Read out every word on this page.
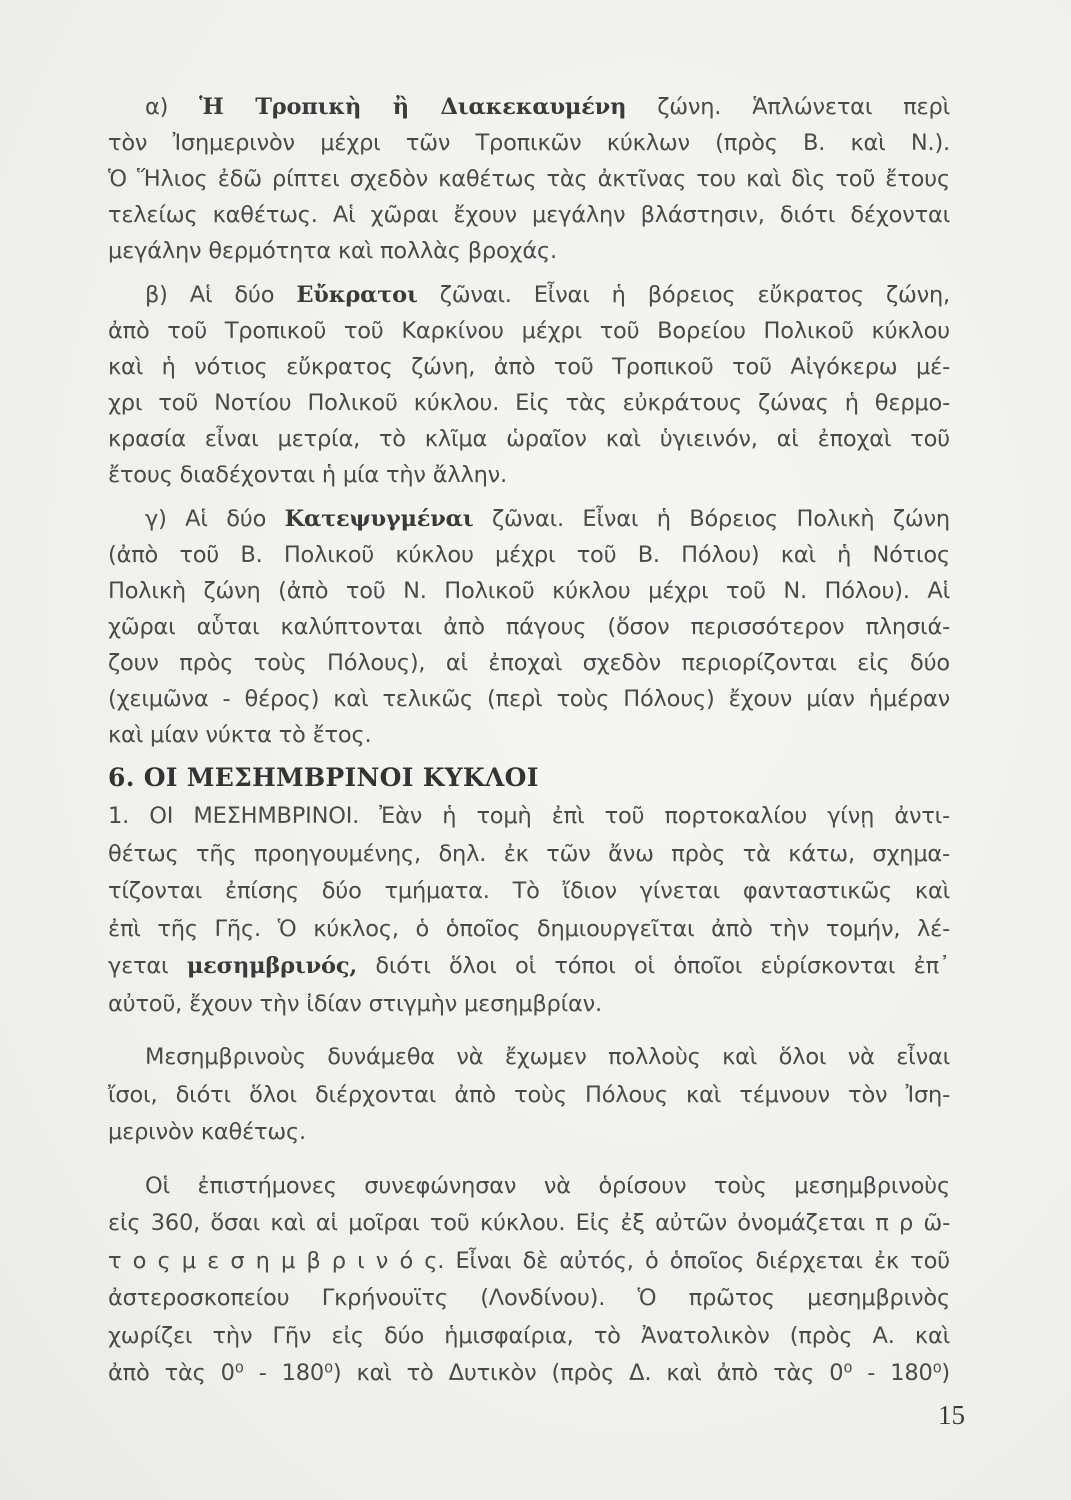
α) Ἡ Τροπικὴ ἢ Διακεκαυμένη ζώνη. Ἁπλώνεται περὶ
τὸν Ἰσημερινὸν μέχρι τῶν Τροπικῶν κύκλων (πρὸς Β. καὶ Ν.).
Ὁ Ἥλιος ἐδῶ ρίπτει σχεδὸν καθέτως τὰς ἀκτῖνας του καὶ δὶς τοῦ ἔτους
τελείως καθέτως. Αἱ χῶραι ἔχουν μεγάλην βλάστησιν, διότι δέχονται
μεγάλην θερμότητα καὶ πολλὰς βροχάς.
β) Αἱ δύο Εὔκρατοι ζῶναι. Εἶναι ἡ βόρειος εὔκρατος ζώνη,
ἀπὸ τοῦ Τροπικοῦ τοῦ Καρκίνου μέχρι τοῦ Βορείου Πολικοῦ κύκλου
καὶ ἡ νότιος εὔκρατος ζώνη, ἀπὸ τοῦ Τροπικοῦ τοῦ Αἰγόκερω μέ-
χρι τοῦ Νοτίου Πολικοῦ κύκλου. Εἰς τὰς εὐκράτους ζώνας ἡ θερμο-
κρασία εἶναι μετρία, τὸ κλῖμα ὡραῖον καὶ ὑγιεινόν, αἱ ἐποχαὶ τοῦ
ἔτους διαδέχονται ἡ μία τὴν ἄλλην.
γ) Αἱ δύο Κατεψυγμέναι ζῶναι. Εἶναι ἡ Βόρειος Πολικὴ ζώνη
(ἀπὸ τοῦ Β. Πολικοῦ κύκλου μέχρι τοῦ Β. Πόλου) καὶ ἡ Νότιος
Πολικὴ ζώνη (ἀπὸ τοῦ Ν. Πολικοῦ κύκλου μέχρι τοῦ Ν. Πόλου). Αἱ
χῶραι αὗται καλύπτονται ἀπὸ πάγους (ὅσον περισσότερον πλησιά-
ζουν πρὸς τοὺς Πόλους), αἱ ἐποχαὶ σχεδὸν περιορίζονται εἰς δύο
(χειμῶνα - θέρος) καὶ τελικῶς (περὶ τοὺς Πόλους) ἔχουν μίαν ἡμέραν
καὶ μίαν νύκτα τὸ ἔτος.
6. ΟΙ ΜΕΣΗΜΒΡΙΝΟΙ ΚΥΚΛΟΙ
1. ΟΙ ΜΕΣΗΜΒΡΙΝΟΙ. Ἐὰν ἡ τομὴ ἐπὶ τοῦ πορτοκαλίου γίνῃ ἀντι-
θέτως τῆς προηγουμένης, δηλ. ἐκ τῶν ἄνω πρὸς τὰ κάτω, σχημα-
τίζονται ἐπίσης δύο τμήματα. Τὸ ἴδιον γίνεται φανταστικῶς καὶ
ἐπὶ τῆς Γῆς. Ὁ κύκλος, ὁ ὁποῖος δημιουργεῖται ἀπὸ τὴν τομήν, λέ-
γεται μεσημβρινός, διότι ὅλοι οἱ τόποι οἱ ὁποῖοι εὑρίσκονται ἐπ᾿
αὐτοῦ, ἔχουν τὴν ἰδίαν στιγμὴν μεσημβρίαν.
Μεσημβρινοὺς δυνάμεθα νὰ ἔχωμεν πολλοὺς καὶ ὅλοι νὰ εἶναι
ἴσοι, διότι ὅλοι διέρχονται ἀπὸ τοὺς Πόλους καὶ τέμνουν τὸν Ἰση-
μερινὸν καθέτως.
Οἱ ἐπιστήμονες συνεφώνησαν νὰ ὁρίσουν τοὺς μεσημβρινοὺς
εἰς 360, ὅσαι καὶ αἱ μοῖραι τοῦ κύκλου. Εἰς ἐξ αὐτῶν ὀνομάζεται π ρ ῶ-
τ ο ς μ ε σ η μ β ρ ι ν ό ς. Εἶναι δὲ αὐτός, ὁ ὁποῖος διέρχεται ἐκ τοῦ
ἀστεροσκοπείου Γκρήνουϊτς (Λονδίνου). Ὁ πρῶτος μεσημβρινὸς
χωρίζει τὴν Γῆν εἰς δύο ἡμισφαίρια, τὸ Ἀνατολικὸν (πρὸς Α. καὶ
ἀπὸ τὰς 0⁰ - 180⁰) καὶ τὸ Δυτικὸν (πρὸς Δ. καὶ ἀπὸ τὰς 0⁰ - 180⁰)
15
